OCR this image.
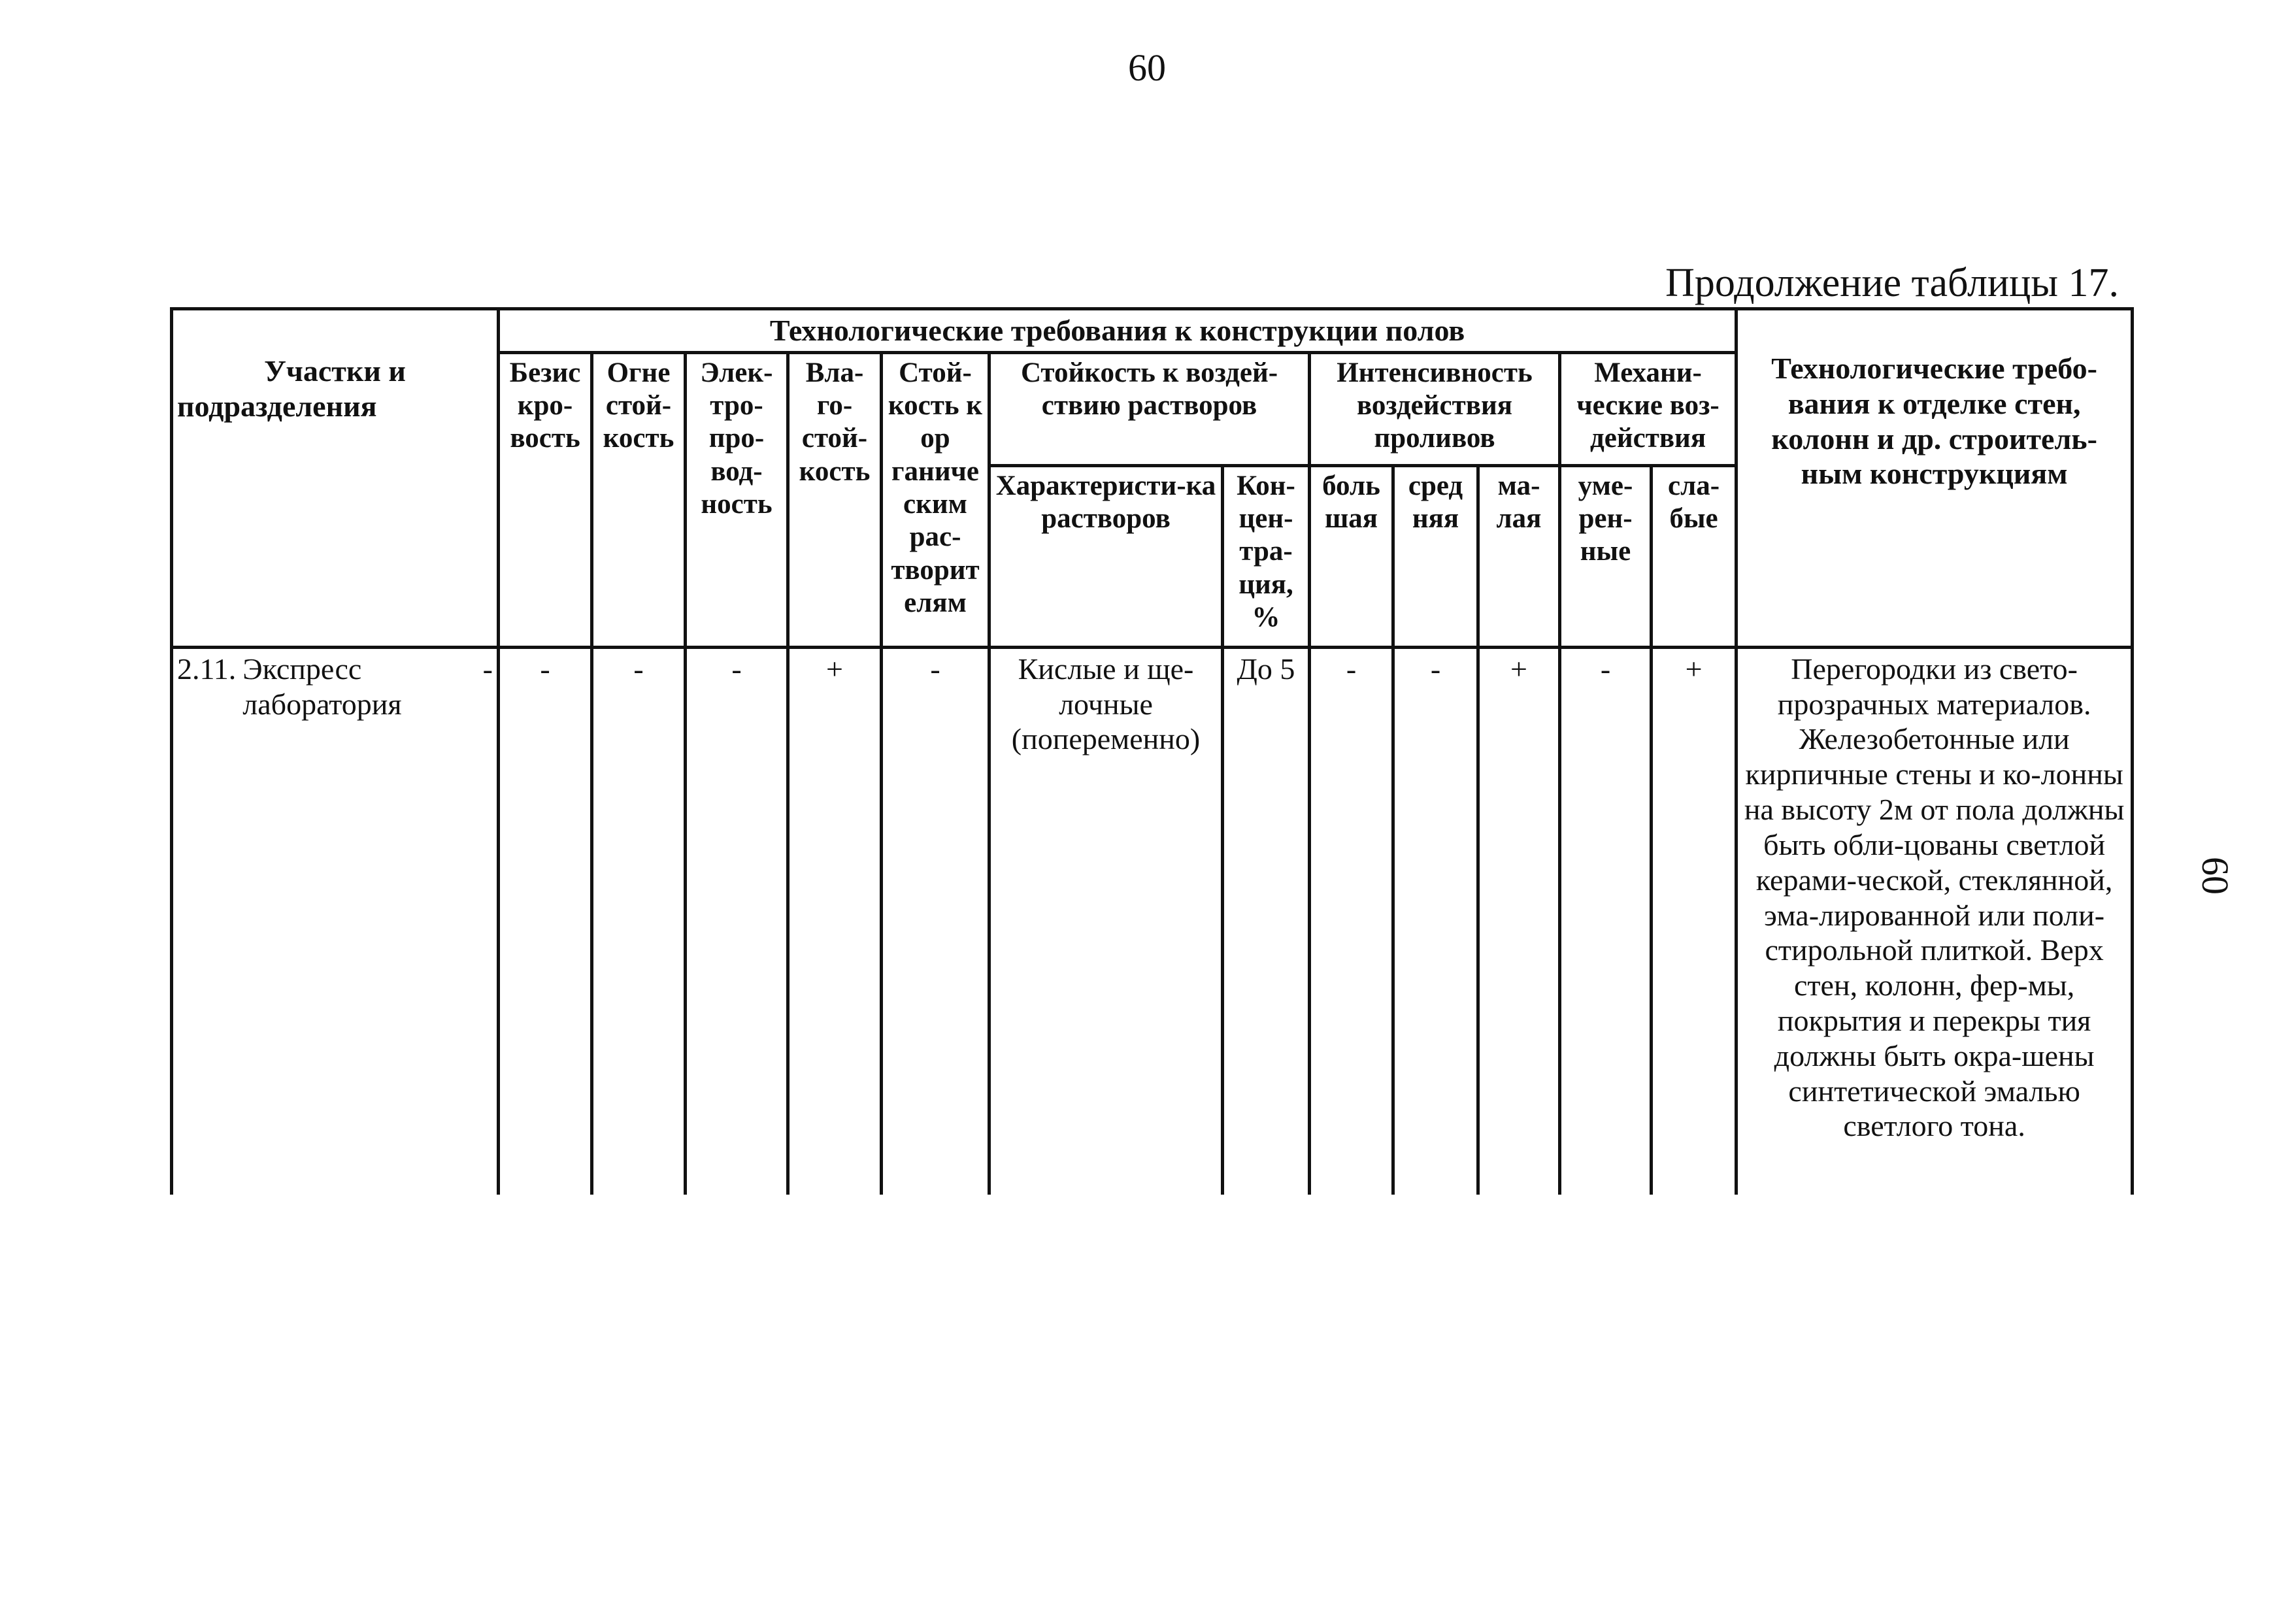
60
60
Продолжение таблицы 17.
Участки и подразделения	Технологические требования к конструкции полов												Технологические требо-вания к отделке стен, колонн и др. строитель-ным конструкциям
	Безис кро-вость	Огне стой-кость	Элек-тро-про-вод-ность	Вла-го-стой-кость	Стой-кость к ор ганиче ским рас-творит елям	Стойкость к воздей-ствию растворов		Интенсивность воздействия проливов			Механи-ческие воз-действия		
						Характеристи-ка растворов	Кон-цен-тра-ция, %	боль шая	сред няя	ма-лая	уме-рен-ные	сла-бые	

2.11. Экспресс - лаборатория	-	-	-	+	-	Кислые и ще-лочные (попеременно)	До 5	-	-	+	-	+	Перегородки из свето-прозрачных материалов. Железобетонные или кирпичные стены и ко-лонны на высоту 2м от пола должны быть обли-цованы светлой керами-ческой, стеклянной, эма-лированной или поли-стирольной плиткой. Верх стен, колонн, фер-мы, покрытия и перекры тия должны быть окра-шены синтетической эмалью светлого тона.
